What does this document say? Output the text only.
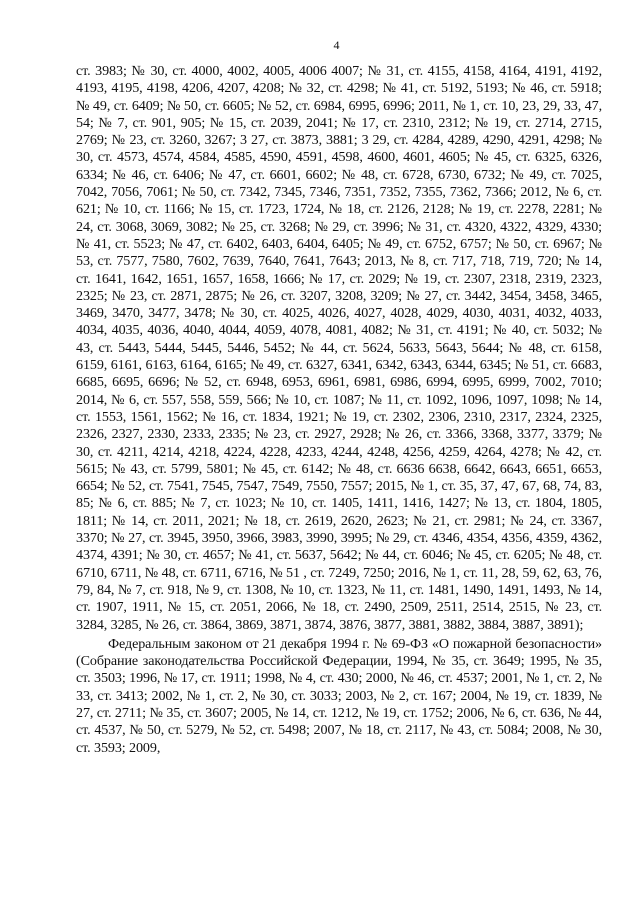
4

ст. 3983; № 30, ст. 4000, 4002, 4005, 4006 4007; № 31, ст. 4155, 4158, 4164, 4191, 4192, 4193, 4195, 4198, 4206, 4207, 4208; № 32, ст. 4298; № 41, ст. 5192, 5193; № 46, ст. 5918; № 49, ст. 6409; № 50, ст. 6605; № 52, ст. 6984, 6995, 6996; 2011, № 1, ст. 10, 23, 29, 33, 47, 54; № 7, ст. 901, 905; № 15, ст. 2039, 2041; № 17, ст. 2310, 2312; № 19, ст. 2714, 2715, 2769; № 23, ст. 3260, 3267; 3 27, ст. 3873, 3881; 3 29, ст. 4284, 4289, 4290, 4291, 4298; № 30, ст. 4573, 4574, 4584, 4585, 4590, 4591, 4598, 4600, 4601, 4605; № 45, ст. 6325, 6326, 6334; № 46, ст. 6406; № 47, ст. 6601, 6602; № 48, ст. 6728, 6730, 6732; № 49, ст. 7025, 7042, 7056, 7061; № 50, ст. 7342, 7345, 7346, 7351, 7352, 7355, 7362, 7366; 2012, № 6, ст. 621; № 10, ст. 1166; № 15, ст. 1723, 1724, № 18, ст. 2126, 2128; № 19, ст. 2278, 2281; № 24, ст. 3068, 3069, 3082; № 25, ст. 3268; № 29, ст. 3996; № 31, ст. 4320, 4322, 4329, 4330; № 41, ст. 5523; № 47, ст. 6402, 6403, 6404, 6405; № 49, ст. 6752, 6757; № 50, ст. 6967; № 53, ст. 7577, 7580, 7602, 7639, 7640, 7641, 7643; 2013, № 8, ст. 717, 718, 719, 720; № 14, ст. 1641, 1642, 1651, 1657, 1658, 1666; № 17, ст. 2029; № 19, ст. 2307, 2318, 2319, 2323, 2325; № 23, ст. 2871, 2875; № 26, ст. 3207, 3208, 3209; № 27, ст. 3442, 3454, 3458, 3465, 3469, 3470, 3477, 3478; № 30, ст. 4025, 4026, 4027, 4028, 4029, 4030, 4031, 4032, 4033, 4034, 4035, 4036, 4040, 4044, 4059, 4078, 4081, 4082; № 31, ст. 4191; № 40, ст. 5032; № 43, ст. 5443, 5444, 5445, 5446, 5452; № 44, ст. 5624, 5633, 5643, 5644; № 48, ст. 6158, 6159, 6161, 6163, 6164, 6165; № 49, ст. 6327, 6341, 6342, 6343, 6344, 6345; № 51, ст. 6683, 6685, 6695, 6696; № 52, ст. 6948, 6953, 6961, 6981, 6986, 6994, 6995, 6999, 7002, 7010; 2014, № 6, ст. 557, 558, 559, 566; № 10, ст. 1087; № 11, ст. 1092, 1096, 1097, 1098; № 14, ст. 1553, 1561, 1562; № 16, ст. 1834, 1921; № 19, ст. 2302, 2306, 2310, 2317, 2324, 2325, 2326, 2327, 2330, 2333, 2335; № 23, ст. 2927, 2928; № 26, ст. 3366, 3368, 3377, 3379; № 30, ст. 4211, 4214, 4218, 4224, 4228, 4233, 4244, 4248, 4256, 4259, 4264, 4278; № 42, ст. 5615; № 43, ст. 5799, 5801; № 45, ст. 6142; № 48, ст. 6636 6638, 6642, 6643, 6651, 6653, 6654; № 52, ст. 7541, 7545, 7547, 7549, 7550, 7557; 2015, № 1, ст. 35, 37, 47, 67, 68, 74, 83, 85; № 6, ст. 885; № 7, ст. 1023; № 10, ст. 1405, 1411, 1416, 1427; № 13, ст. 1804, 1805, 1811; № 14, ст. 2011, 2021; № 18, ст. 2619, 2620, 2623; № 21, ст. 2981; № 24, ст. 3367, 3370; № 27, ст. 3945, 3950, 3966, 3983, 3990, 3995; № 29, ст. 4346, 4354, 4356, 4359, 4362, 4374, 4391; № 30, ст. 4657; № 41, ст. 5637, 5642; № 44, ст. 6046; № 45, ст. 6205; № 48, ст. 6710, 6711, № 48, ст. 6711, 6716, № 51 , ст. 7249, 7250; 2016, № 1, ст. 11, 28, 59, 62, 63, 76, 79, 84, № 7, ст. 918, № 9, ст. 1308, № 10, ст. 1323, № 11, ст. 1481, 1490, 1491, 1493, № 14, ст. 1907, 1911, № 15, ст. 2051, 2066, № 18, ст. 2490, 2509, 2511, 2514, 2515, № 23, ст. 3284, 3285, № 26, ст. 3864, 3869, 3871, 3874, 3876, 3877, 3881, 3882, 3884, 3887, 3891);

Федеральным законом от 21 декабря 1994 г. № 69-ФЗ «О пожарной безопасности» (Собрание законодательства Российской Федерации, 1994, № 35, ст. 3649; 1995, № 35, ст. 3503; 1996, № 17, ст. 1911; 1998, № 4, ст. 430; 2000, № 46, ст. 4537; 2001, № 1, ст. 2, № 33, ст. 3413; 2002, № 1, ст. 2, № 30, ст. 3033; 2003, № 2, ст. 167; 2004, № 19, ст. 1839, № 27, ст. 2711; № 35, ст. 3607; 2005, № 14, ст. 1212, № 19, ст. 1752; 2006, № 6, ст. 636, № 44, ст. 4537, № 50, ст. 5279, № 52, ст. 5498; 2007, № 18, ст. 2117, № 43, ст. 5084; 2008, № 30, ст. 3593; 2009,
